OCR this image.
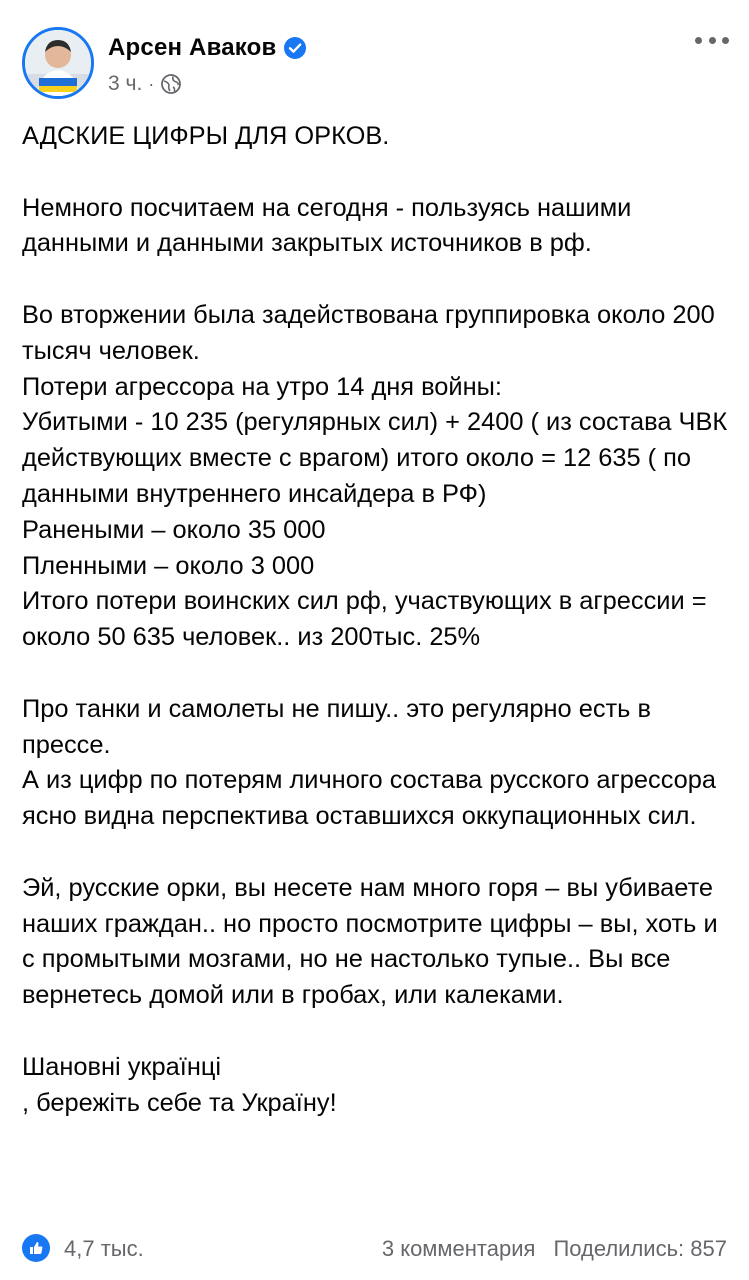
Арсен Аваков
3 ч. ·

АДСКИЕ ЦИФРЫ ДЛЯ ОРКОВ.

Немного посчитаем на сегодня - пользуясь нашими данными и данными закрытых источников в рф.

Во вторжении была задействована группировка около 200 тысяч человек.

Потери агрессора на утро 14 дня войны:

Убитыми - 10 235 (регулярных сил) + 2400 ( из состава ЧВК действующих вместе с врагом) итого около = 12 635 ( по данными внутреннего инсайдера в РФ)

Ранеными – около 35 000

Пленными – около 3 000

Итого потери воинских сил рф, участвующих в агрессии = около 50 635 человек.. из 200тыс. 25%

Про танки и самолеты не пишу.. это регулярно есть в прессе.

А из цифр по потерям личного состава русского агрессора ясно видна перспектива оставшихся оккупационных сил.

Эй, русские орки, вы несете нам много горя – вы убиваете наших граждан.. но просто посмотрите цифры – вы, хоть и с промытыми мозгами, но не настолько тупые.. Вы все вернетесь домой или в гробах, или калеками.

Шановні українці

, бережіть себе та Україну!

4,7 тыс.	3 комментария Поделились: 857
